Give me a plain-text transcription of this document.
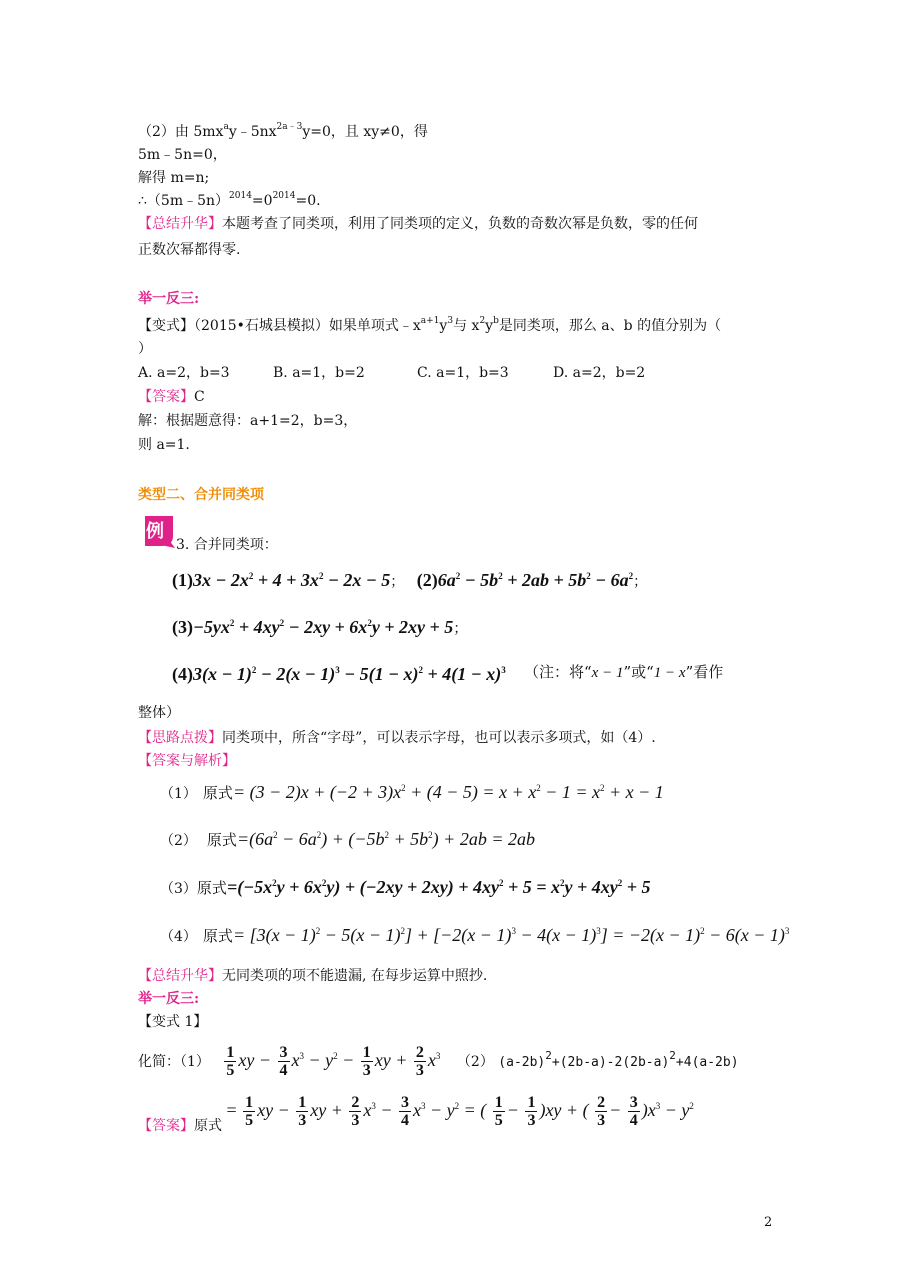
（2）由 $5mx^ay﹣5nx^{2a﹣3}y=0$，且 xy≠0，得
5m﹣5n=0，
解得 m=n;
$\therefore(5m﹣5n)^{2014}=0^{2014}=0$.
【总结升华】本题考查了同类项，利用了同类项的定义，负数的奇数次幂是负数，零的任何
正数次幂都得零.
举一反三:
【变式】（2015•石城县模拟）如果单项式$﹣x^{a+1}y^3$与 $x^2y^b$是同类项，那么 a、b 的值分别为（
）
A. a=2，b=3	B. a=1，b=2	C. a=1，b=3	D. a=2，b=2
【答案】C
解：根据题意得：a+1=2，b=3，
则 a=1.
类型二、合并同类项
例
3. 合并同类项：
$(1)3x - 2x^2 + 4 + 3x^2 - 2x - 5$； $(2)6a^2 - 5b^2 + 2ab + 5b^2 - 6a^2$；
$(3)-5yx^2 + 4xy^2 - 2xy + 6x^2y + 2xy + 5$；
$(4)3(x - 1)^2 - 2(x - 1)^3 - 5(1 - x)^2 + 4(1 - x)^3$ （注：将“x − 1”或“1 − x”看作
整体）
【思路点拨】同类项中，所含“字母”，可以表示字母，也可以表示多项式，如（4）.
【答案与解析】
（1） 原式= $(3 - 2)x + (-2 + 3)x^2 + (4 - 5) = x + x^2 - 1 = x^2 + x - 1$
（2） 原式$=(6a^2 - 6a^2) + (-5b^2 + 5b^2) + 2ab = 2ab$
（3）原式$=(-5x^2y + 6x^2y) + (-2xy + 2xy) + 4xy^2 + 5 = x^2y + 4xy^2 + 5$
（4） 原式= $[3(x - 1)^2 - 5(x - 1)^2] + [-2(x - 1)^3 - 4(x - 1)^3] = -2(x - 1)^2 - 6(x - 1)^3$
【总结升华】无同类项的项不能遗漏, 在每步运算中照抄.
举一反三:
【变式 1】
化简：$(1) \frac{1}{5}$ xy − $\frac{3}{4} x^3 - y^2 - \frac{1}{3}$ xy + $\frac{2}{3} x^3$ （2） $(a-2b)^2+(2b-a)-2(2b-a)^2+4(a-2b)$
【答案】原式 = $\frac{1}{5}$ xy − $\frac{1}{3}$ xy + $\frac{2}{3} x^3 - \frac{3}{4} x^3 - y^2$ = ( $\frac{1}{5} - \frac{1}{3} )xy$ + ( $\frac{2}{3} - \frac{3}{4} )x^3 - y^2$
2
